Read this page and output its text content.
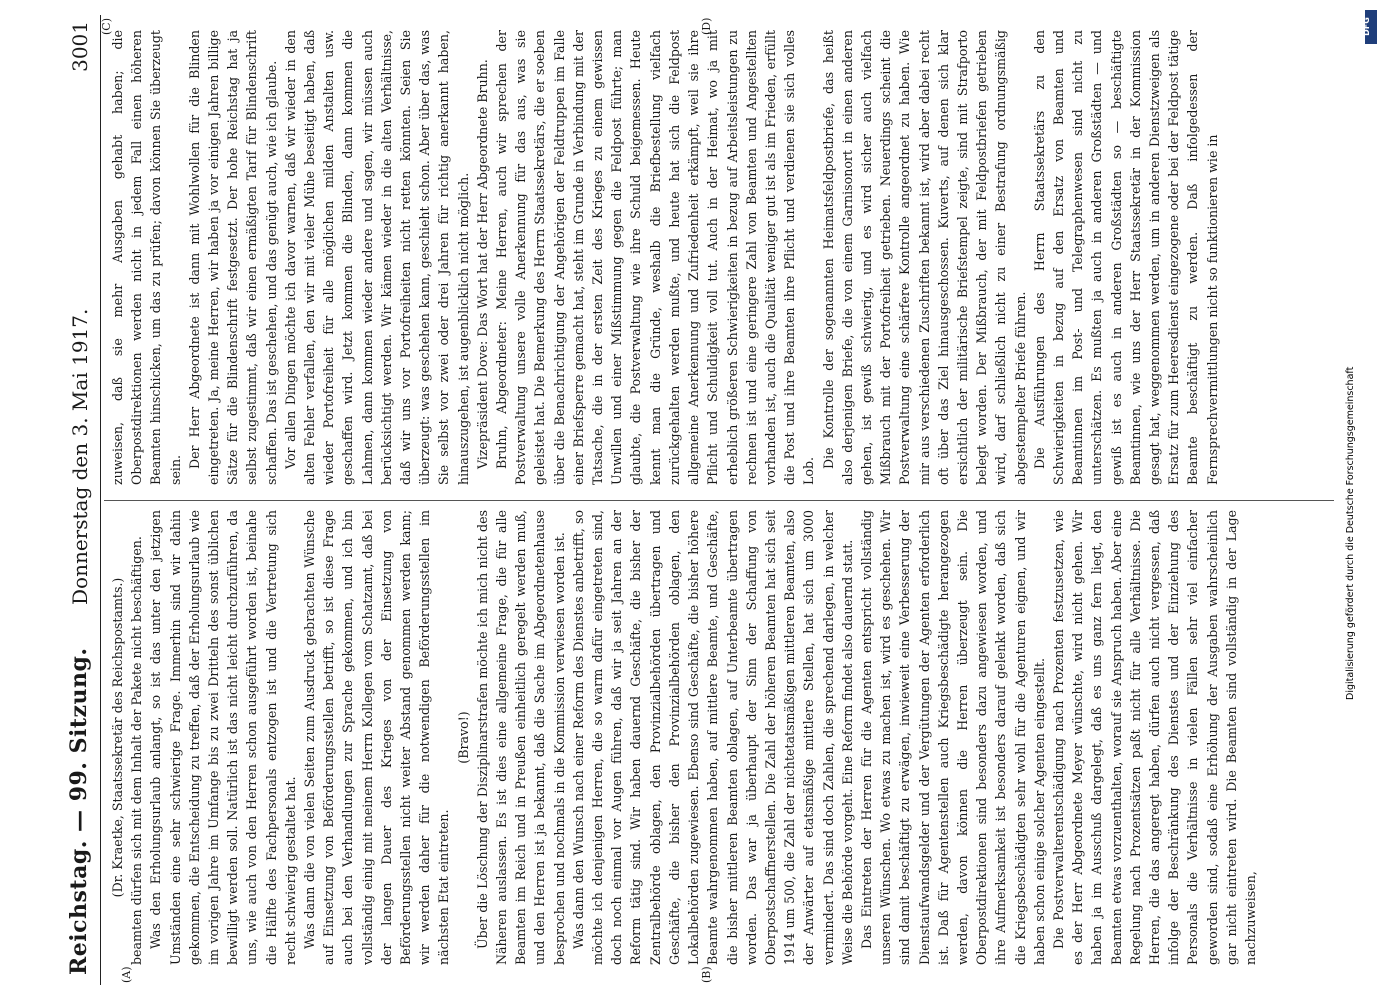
Reichstag. — 99. Sitzung.
Donnerstag den 3. Mai 1917.
3001
(A)	(B)
(C)	(D)

(Dr. Kraetke, Staatssekretär des Reichspostamts.) beamten dürfen sich mit dem Inhalt der Pakete nicht beschäftigen. Was den Erholungsurlaub anlangt, so ist das unter den jetzigen Umständen eine sehr schwierige Frage. Immerhin sind wir dahin gekommen, die Entscheidung zu treffen, daß der Erholungsurlaub wie im vorigen Jahre im Umfange bis zu zwei Dritteln des sonst üblichen bewilligt werden soll. Natürlich ist das nicht leicht durchzuführen, da uns, wie auch von den Herren schon ausgeführt worden ist, beinahe die Hälfte des Fachpersonals entzogen ist und die Vertretung sich recht schwierig gestaltet hat. Was dann die von vielen Seiten zum Ausdruck gebrachten Wünsche auf Einsetzung von Beförderungsstellen betrifft, so ist diese Frage auch bei den Verhandlungen zur Sprache gekommen, und ich bin vollständig einig mit meinem Herrn Kollegen vom Schatzamt, daß bei der langen Dauer des Krieges von der Einsetzung von Beförderungsstellen nicht weiter Abstand genommen werden kann; wir werden daher für die notwendigen Beförderungsstellen im nächsten Etat eintreten.

(Bravo!) Über die Löschung der Disziplinarstrafen möchte ich mich nicht des Näheren auslassen. Es ist dies eine allgemeine Frage, die für alle Beamten im Reich und in Preußen einheitlich geregelt werden muß, und den Herren ist ja bekannt, daß die Sache im Abgeordnetenhause besprochen und nochmals in die Kommission verwiesen worden ist. Was dann den Wunsch nach einer Reform des Dienstes anbetrifft, so möchte ich denjenigen Herren, die so warm dafür eingetreten sind, doch noch einmal vor Augen führen, daß wir ja seit Jahren an der Reform tätig sind. Wir haben dauernd Geschäfte, die bisher der Zentralbehörde oblagen, den Provinzialbehörden übertragen und Geschäfte, die bisher den Provinzialbehörden oblagen, den Lokalbehörden zugewiesen. Ebenso sind Geschäfte, die bisher höhere Beamte wahrgenommen haben, auf mittlere Beamte, und Geschäfte, die bisher mittleren Beamten oblagen, auf Unterbeamte übertragen worden. Das war ja überhaupt der Sinn der Schaffung von Oberpostschaffnerstellen. Die Zahl der höheren Beamten hat sich seit 1914 um 500, die Zahl der nichtetatsmäßigen mittleren Beamten, also der Anwärter auf etatsmäßige mittlere Stellen, hat sich um 3000 vermindert. Das sind doch Zahlen, die sprechend darlegen, in welcher Weise die Behörde vorgeht. Eine Reform findet also dauernd statt. Das Eintreten der Herren für die Agenten entspricht vollständig unseren Wünschen. Wo etwas zu machen ist, wird es geschehen. Wir sind damit beschäftigt zu erwägen, inwieweit eine Verbesserung der Dienstaufwandsgelder und der Vergütungen der Agenten erforderlich ist. Daß für Agentenstellen auch Kriegsbeschädigte herangezogen werden, davon können die Herren überzeugt sein. Die Oberpostdirektionen sind besonders dazu angewiesen worden, und ihre Aufmerksamkeit ist besonders darauf gelenkt worden, daß sich die Kriegsbeschädigten sehr wohl für die Agenturen eignen, und wir haben schon einige solcher Agenten eingestellt. Die Postverwalterentschädigung nach Prozenten festzusetzen, wie es der Herr Abgeordnete Meyer wünschte, wird nicht gehen. Wir haben ja im Ausschuß dargelegt, daß es uns ganz fern liegt, den Beamten etwas vorzuenthalten, worauf sie Anspruch haben. Aber eine Regelung nach Prozentsätzen paßt nicht für alle Verhältnisse. Die Herren, die das angeregt haben, dürfen auch nicht vergessen, daß infolge der Beschränkung des Dienstes und der Einziehung des Personals die Verhältnisse in vielen Fällen sehr viel einfacher geworden sind, sodaß eine Erhöhung der Ausgaben wahrscheinlich gar nicht eintreten wird. Die Beamten sind vollständig in der Lage nachzuweisen,

zuweisen, daß sie mehr Ausgaben gehabt haben; die Oberpostdirektionen werden nicht in jedem Fall einen höheren Beamten hinschicken, um das zu prüfen; davon können Sie überzeugt sein.

Der Herr Abgeordnete ist dann mit Wohlwollen für die Blinden eingetreten. Ja, meine Herren, wir haben ja vor einigen Jahren billige Sätze für die Blindenschrift festgesetzt. Der hohe Reichstag hat ja selbst zugestimmt, daß wir einen ermäßigten Tarif für Blindenschrift schaffen. Das ist geschehen, und das genügt auch, wie ich glaube. Vor allen Dingen möchte ich davor warnen, daß wir wieder in den alten Fehler verfallen, den wir mit vieler Mühe beseitigt haben, daß wieder Portofreiheit für alle möglichen milden Anstalten usw. geschaffen wird. Jetzt kommen die Blinden, dann kommen die Lahmen, dann kommen wieder andere und sagen, wir müssen auch berücksichtigt werden. Wir kämen wieder in die alten Verhältnisse, daß wir uns vor Portofreiheiten nicht retten könnten. Seien Sie überzeugt: was geschehen kann, geschieht schon. Aber über das, was Sie selbst vor zwei oder drei Jahren für richtig anerkannt haben, hinauszugehen, ist augenblicklich nicht möglich. Vizepräsident Dove: Das Wort hat der Herr Abgeordnete Bruhn. Bruhn, Abgeordneter: Meine Herren, auch wir sprechen der Postverwaltung unsere volle Anerkennung für das aus, was sie geleistet hat. Die Bemerkung des Herrn Staatssekretärs, die er soeben über die Benachrichtigung der Angehörigen der Feldtruppen im Falle einer Briefsperre gemacht hat, steht im Grunde in Verbindung mit der Tatsache, die in der ersten Zeit des Krieges zu einem gewissen Unwillen und einer Mißstimmung gegen die Feldpost führte; man glaubte, die Postverwaltung wie ihre Schuld beigemessen. Heute kennt man die Gründe, weshalb die Briefbestellung vielfach zurückgehalten werden mußte, und heute hat sich die Feldpost allgemeine Anerkennung und Zufriedenheit erkämpft, weil sie ihre Pflicht und Schuldigkeit voll tut. Auch in der Heimat, wo ja mit erheblich größeren Schwierigkeiten in bezug auf Arbeitsleistungen zu rechnen ist und eine geringere Zahl von Beamten und Angestellten vorhanden ist, auch die Qualität weniger gut ist als im Frieden, erfüllt die Post und ihre Beamten ihre Pflicht und verdienen sie sich volles Lob.

Die Kontrolle der sogenannten Heimatsfeldpostbriefe, das heißt also derjenigen Briefe, die von einem Garnisonort in einen anderen gehen, ist gewiß schwierig, und es wird sicher auch vielfach Mißbrauch mit der Portofreiheit getrieben. Neuerdings scheint die Postverwaltung eine schärfere Kontrolle angeordnet zu haben. Wie mir aus verschiedenen Zuschriften bekannt ist, wird aber dabei recht oft über das Ziel hinausgeschossen. Kuverts, auf denen sich klar ersichtlich der militärische Briefstempel zeigte, sind mit Strafporto belegt worden. Der Mißbrauch, der mit Feldpostbriefen getrieben wird, darf schließlich nicht zu einer Bestrafung ordnungsmäßig abgestempelter Briefe führen. Die Ausführungen des Herrn Staatssekretärs zu den Schwierigkeiten in bezug auf den Ersatz von Beamten und Beamtinnen im Post- und Telegraphenwesen sind nicht zu unterschätzen. Es mußten ja auch in anderen Großstädten — und gewiß ist es auch in anderen Großstädten so — beschäftigte Beamtinnen, wie uns der Herr Staatssekretär in der Kommission gesagt hat, weggenommen werden, um in anderen Dienstzweigen als Ersatz für zum Heeresdienst eingezogene oder bei der Feldpost tätige Beamte beschäftigt zu werden. Daß infolgedessen der Fernsprechvermittlungen nicht so funktionieren wie in

Digitalisierung gefördert durch die Deutsche Forschungsgemeinschaft
DFG
